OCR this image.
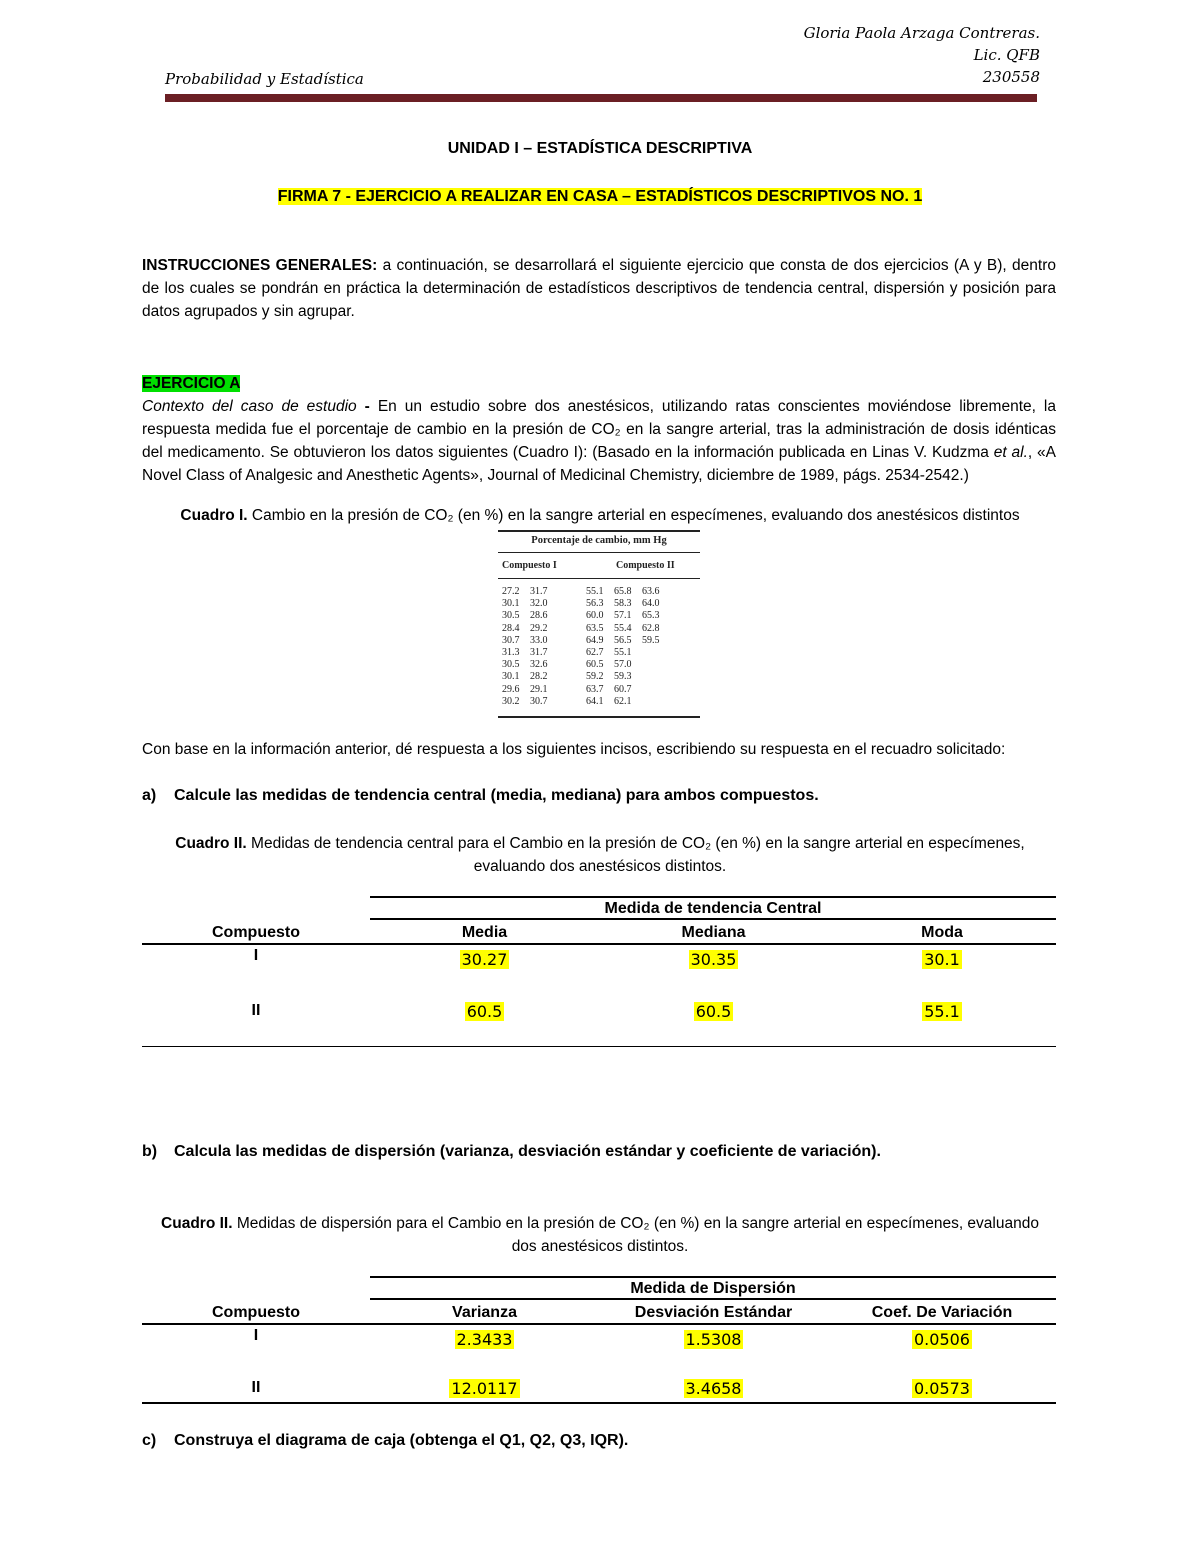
Gloria Paola Arzaga Contreras.
Lic. QFB
230558
Probabilidad y Estadística
UNIDAD I – ESTADÍSTICA DESCRIPTIVA
FIRMA 7 - EJERCICIO A REALIZAR EN CASA – ESTADÍSTICOS DESCRIPTIVOS NO. 1

INSTRUCCIONES GENERALES: a continuación, se desarrollará el siguiente ejercicio que consta de dos ejercicios (A y B), dentro de los cuales se pondrán en práctica la determinación de estadísticos descriptivos de tendencia central, dispersión y posición para datos agrupados y sin agrupar.

EJERCICIO A

Contexto del caso de estudio - En un estudio sobre dos anestésicos, utilizando ratas conscientes moviéndose libremente, la respuesta medida fue el porcentaje de cambio en la presión de CO₂ en la sangre arterial, tras la administración de dosis idénticas del medicamento. Se obtuvieron los datos siguientes (Cuadro I): (Basado en la información publicada en Linas V. Kudzma et al., «A Novel Class of Analgesic and Anesthetic Agents», Journal of Medicinal Chemistry, diciembre de 1989, págs. 2534-2542.)

Cuadro I. Cambio en la presión de CO₂ (en %) en la sangre arterial en especímenes, evaluando dos anestésicos distintos
Porcentaje de cambio, mm Hg
Compuesto I	Compuesto II
27.2 31.7	55.1 65.8 63.6
30.1 32.0	56.3 58.3 64.0
30.5 28.6	60.0 57.1 65.3
28.4 29.2	63.5 55.4 62.8
30.7 33.0	64.9 56.5 59.5
31.3 31.7	62.7 55.1
30.5 32.6	60.5 57.0
30.1 28.2	59.2 59.3
29.6 29.1	63.7 60.7
30.2 30.7	64.1 62.1
Con base en la información anterior, dé respuesta a los siguientes incisos, escribiendo su respuesta en el recuadro solicitado:
a) Calcule las medidas de tendencia central (media, mediana) para ambos compuestos.
Cuadro II. Medidas de tendencia central para el Cambio en la presión de CO₂ (en %) en la sangre arterial en especímenes,
evaluando dos anestésicos distintos.
Medida de tendencia Central
Compuesto	Media	Mediana	Moda
I	30.27	30.35	30.1
II	60.5	60.5	55.1
b) Calcula las medidas de dispersión (varianza, desviación estándar y coeficiente de variación).
Cuadro II. Medidas de dispersión para el Cambio en la presión de CO₂ (en %) en la sangre arterial en especímenes, evaluando
dos anestésicos distintos.
Medida de Dispersión
Compuesto	Varianza	Desviación Estándar	Coef. De Variación
I	2.3433	1.5308	0.0506
II	12.0117	3.4658	0.0573
c) Construya el diagrama de caja (obtenga el Q1, Q2, Q3, IQR).
